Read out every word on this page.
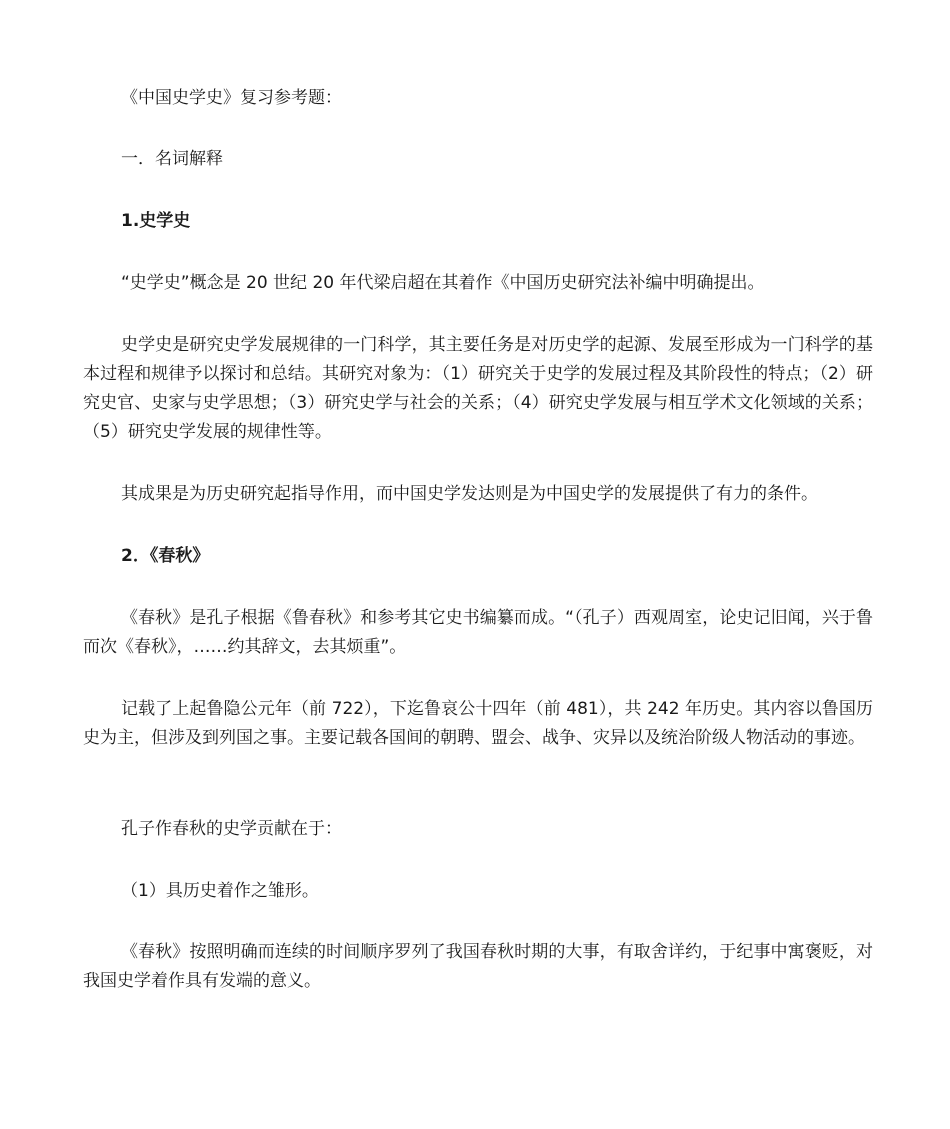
《中国史学史》复习参考题：
一．名词解释
1.史学史
“史学史”概念是 20 世纪 20 年代梁启超在其着作《中国历史研究法补编中明确提出。
史学史是研究史学发展规律的一门科学，其主要任务是对历史学的起源、发展至形成为一门科学的基本过程和规律予以探讨和总结。其研究对象为：（1）研究关于史学的发展过程及其阶段性的特点；（2）研究史官、史家与史学思想；（3）研究史学与社会的关系；（4）研究史学发展与相互学术文化领域的关系；（5）研究史学发展的规律性等。
其成果是为历史研究起指导作用，而中国史学发达则是为中国史学的发展提供了有力的条件。
2．《春秋》
《春秋》是孔子根据《鲁春秋》和参考其它史书编纂而成。“（孔子）西观周室，论史记旧闻，兴于鲁而次《春秋》，……约其辞文，去其烦重”。
记载了上起鲁隐公元年（前 722），下迄鲁哀公十四年（前 481），共 242 年历史。其内容以鲁国历史为主，但涉及到列国之事。主要记载各国间的朝聘、盟会、战争、灾异以及统治阶级人物活动的事迹。
孔子作春秋的史学贡献在于：
（1）具历史着作之雏形。
《春秋》按照明确而连续的时间顺序罗列了我国春秋时期的大事，有取舍详约，于纪事中寓褒贬，对我国史学着作具有发端的意义。
